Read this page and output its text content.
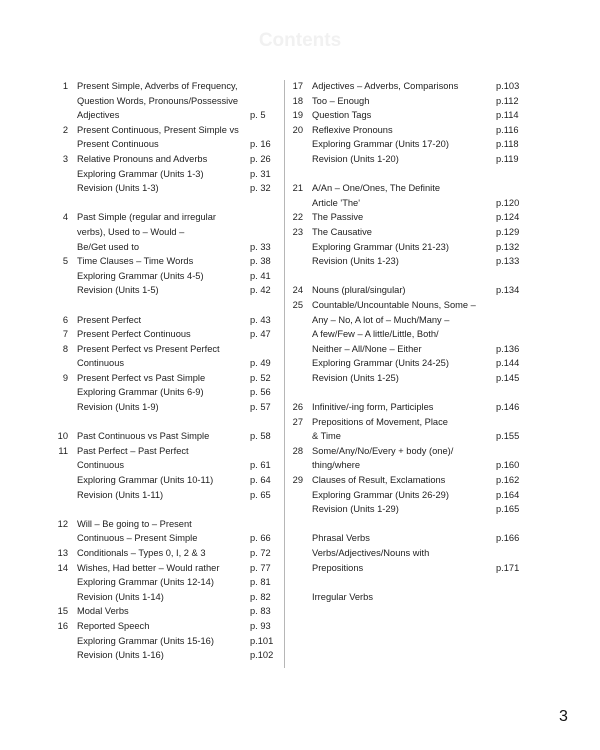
Contents
1 Present Simple, Adverbs of Frequency,
Question Words, Pronouns/Possessive
Adjectives	p. 5
2 Present Continuous, Present Simple vs
Present Continuous	p. 16
3 Relative Pronouns and Adverbs	p. 26
Exploring Grammar (Units 1-3)	p. 31
Revision (Units 1-3)	p. 32
4 Past Simple (regular and irregular
verbs), Used to – Would –
Be/Get used to	p. 33
5 Time Clauses – Time Words	p. 38
Exploring Grammar (Units 4-5)	p. 41
Revision (Units 1-5)	p. 42
6 Present Perfect	p. 43
7 Present Perfect Continuous	p. 47
8 Present Perfect vs Present Perfect
Continuous	p. 49
9 Present Perfect vs Past Simple	p. 52
Exploring Grammar (Units 6-9)	p. 56
Revision (Units 1-9)	p. 57
10 Past Continuous vs Past Simple	p. 58
11 Past Perfect – Past Perfect
Continuous	p. 61
Exploring Grammar (Units 10-11)	p. 64
Revision (Units 1-11)	p. 65
12 Will – Be going to – Present
Continuous – Present Simple	p. 66
13 Conditionals – Types 0, I, 2 & 3	p. 72
14 Wishes, Had better – Would rather	p. 77
Exploring Grammar (Units 12-14)	p. 81
Revision (Units 1-14)	p. 82
15 Modal Verbs	p. 83
16 Reported Speech	p. 93
Exploring Grammar (Units 15-16)	p.101
Revision (Units 1-16)	p.102
17 Adjectives – Adverbs, Comparisons	p.103
18 Too – Enough	p.112
19 Question Tags	p.114
20 Reflexive Pronouns	p.116
Exploring Grammar (Units 17-20)	p.118
Revision (Units 1-20)	p.119
21 A/An – One/Ones, The Definite
Article 'The'	p.120
22 The Passive	p.124
23 The Causative	p.129
Exploring Grammar (Units 21-23)	p.132
Revision (Units 1-23)	p.133
24 Nouns (plural/singular)	p.134
25 Countable/Uncountable Nouns, Some –
Any – No, A lot of – Much/Many –
A few/Few – A little/Little, Both/
Neither – All/None – Either	p.136
Exploring Grammar (Units 24-25)	p.144
Revision (Units 1-25)	p.145
26 Infinitive/-ing form, Participles	p.146
27 Prepositions of Movement, Place
& Time	p.155
28 Some/Any/No/Every + body (one)/
thing/where	p.160
29 Clauses of Result, Exclamations	p.162
Exploring Grammar (Units 26-29)	p.164
Revision (Units 1-29)	p.165
Phrasal Verbs	p.166
Verbs/Adjectives/Nouns with
Prepositions	p.171
Irregular Verbs
3
